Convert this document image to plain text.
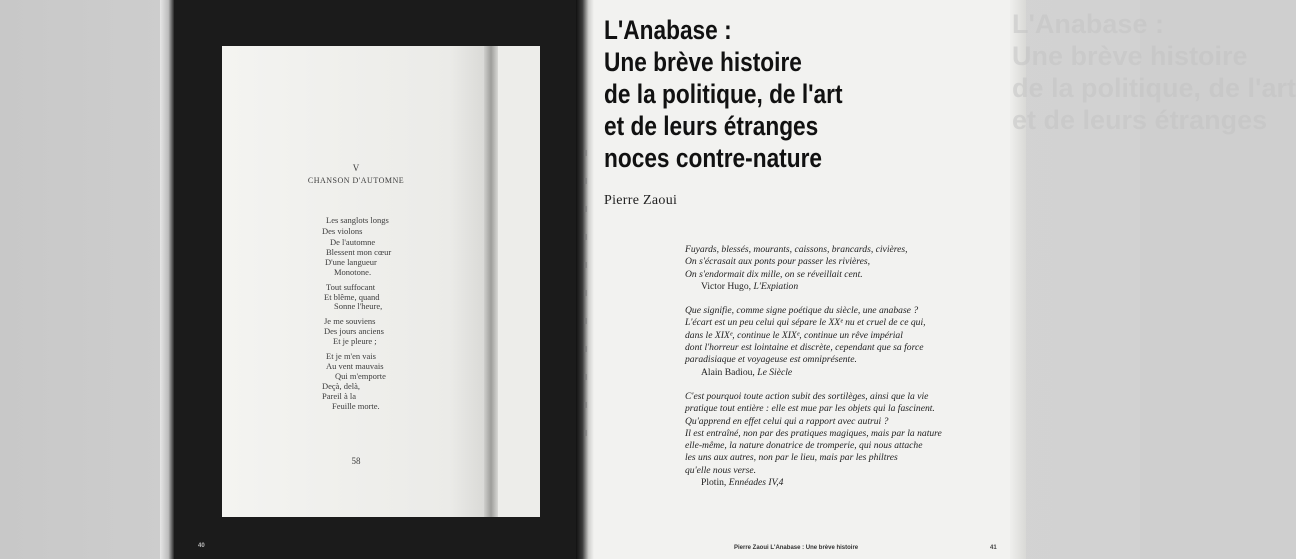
V
CHANSON D'AUTOMNE
Les sanglots longs
Des violons
De l'automne
Blessent mon cœur
D'une langueur
Monotone.
Tout suffocant
Et blême, quand
Sonne l'heure,
Je me souviens
Des jours anciens
Et je pleure ;
Et je m'en vais
Au vent mauvais
Qui m'emporte
Deçà, delà,
Pareil à la
Feuille morte.
58
40
L'Anabase :
Une brève histoire
de la politique, de l'art
et de leurs étranges
L'Anabase :
Une brève histoire
de la politique, de l'art
et de leurs étranges
noces contre-nature
Pierre Zaoui

Fuyards, blessés, mourants, caissons, brancards, civières,

On s'écrasait aux ponts pour passer les rivières,

On s'endormait dix mille, on se réveillait cent.

Victor Hugo, L'Expiation

Que signifie, comme signe poétique du siècle, une anabase ?

L'écart est un peu celui qui sépare le XXᵉ nu et cruel de ce qui,

dans le XIXᵉ, continue le XIXᵉ, continue un rêve impérial

dont l'horreur est lointaine et discrète, cependant que sa force

paradisiaque et voyageuse est omniprésente.

Alain Badiou, Le Siècle

C'est pourquoi toute action subit des sortilèges, ainsi que la vie

pratique tout entière : elle est mue par les objets qui la fascinent.

Qu'apprend en effet celui qui a rapport avec autrui ?

Il est entraîné, non par des pratiques magiques, mais par la nature

elle-même, la nature donatrice de tromperie, qui nous attache

les uns aux autres, non par le lieu, mais par les philtres

qu'elle nous verse.

Plotin, Ennéades IV,4
Pierre Zaoui L'Anabase : Une brève histoire	41
